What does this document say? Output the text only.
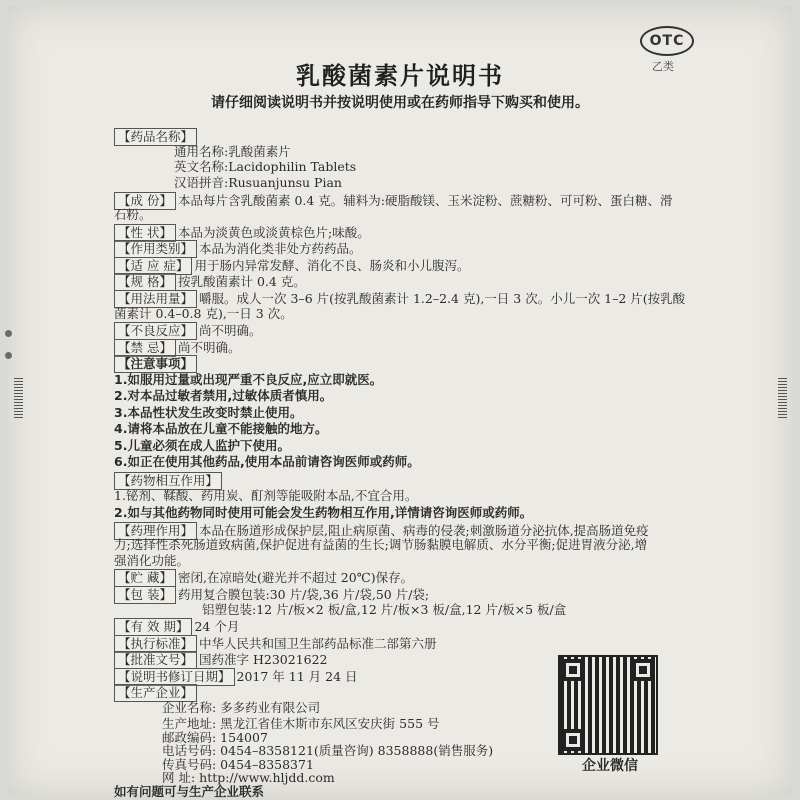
OTC
乙类
乳酸菌素片说明书
请仔细阅读说明书并按说明使用或在药师指导下购买和使用。
【药品名称】
通用名称:乳酸菌素片
英文名称:Lacidophilin Tablets
汉语拼音:Rusuanjunsu Pian
【成 份】 本品每片含乳酸菌素 0.4 克。辅料为:硬脂酸镁、玉米淀粉、蔗糖粉、可可粉、蛋白糖、滑
石粉。
【性 状】 本品为淡黄色或淡黄棕色片;味酸。
【作用类别】 本品为消化类非处方药药品。
【适 应 症】 用于肠内异常发酵、消化不良、肠炎和小儿腹泻。
【规 格】 按乳酸菌素计 0.4 克。
【用法用量】 嚼服。成人一次 3–6 片(按乳酸菌素计 1.2–2.4 克),一日 3 次。小儿一次 1–2 片(按乳酸
菌素计 0.4–0.8 克),一日 3 次。
【不良反应】 尚不明确。
【禁 忌】 尚不明确。
【注意事项】
1.如服用过量或出现严重不良反应,应立即就医。
2.对本品过敏者禁用,过敏体质者慎用。
3.本品性状发生改变时禁止使用。
4.请将本品放在儿童不能接触的地方。
5.儿童必须在成人监护下使用。
6.如正在使用其他药品,使用本品前请咨询医师或药师。
【药物相互作用】
1.铋剂、鞣酸、药用炭、酊剂等能吸附本品,不宜合用。
2.如与其他药物同时使用可能会发生药物相互作用,详情请咨询医师或药师。
【药理作用】 本品在肠道形成保护层,阻止病原菌、病毒的侵袭;刺激肠道分泌抗体,提高肠道免疫
力;选择性杀死肠道致病菌,保护促进有益菌的生长;调节肠黏膜电解质、水分平衡;促进胃液分泌,增
强消化功能。
【贮 藏】 密闭,在凉暗处(避光并不超过 20℃)保存。
【包 装】 药用复合膜包装:30 片/袋,36 片/袋,50 片/袋;
铝塑包装:12 片/板×2 板/盒,12 片/板×3 板/盒,12 片/板×5 板/盒
【有 效 期】 24 个月
【执行标准】 中华人民共和国卫生部药品标准二部第六册
【批准文号】 国药准字 H23021622
【说明书修订日期】 2017 年 11 月 24 日
【生产企业】
企业名称: 多多药业有限公司
企业微信
生产地址: 黑龙江省佳木斯市东风区安庆街 555 号
邮政编码: 154007
电话号码: 0454–8358121(质量咨询) 8358888(销售服务)
传真号码: 0454–8358371
网 址: http://www.hljdd.com
如有问题可与生产企业联系
